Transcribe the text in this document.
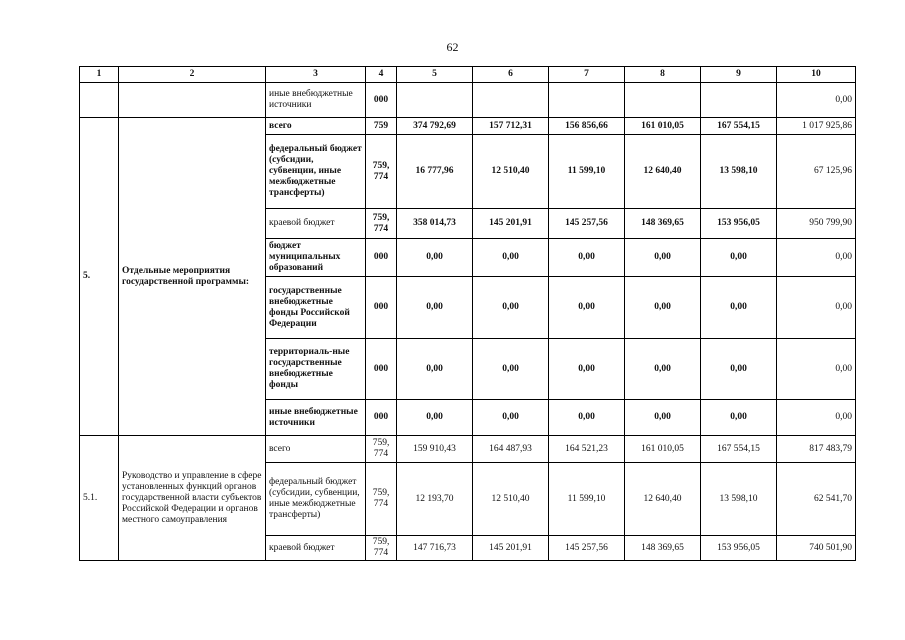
62
1	2	3	4	5	6	7	8	9	10
		иные внебюджетные источники	000						0,00
5.	Отдельные мероприятия государственной программы:	всего	759	374 792,69	157 712,31	156 856,66	161 010,05	167 554,15	1 017 925,86
		федеральный бюджет (субсидии, субвенции, иные межбюджетные трансферты)	759, 774	16 777,96	12 510,40	11 599,10	12 640,40	13 598,10	67 125,96
		краевой бюджет	759, 774	358 014,73	145 201,91	145 257,56	148 369,65	153 956,05	950 799,90
		бюджет муниципальных образований	000	0,00	0,00	0,00	0,00	0,00	0,00
		государственные внебюджетные фонды Российской Федерации	000	0,00	0,00	0,00	0,00	0,00	0,00
		территориаль-ные государственные внебюджетные фонды	000	0,00	0,00	0,00	0,00	0,00	0,00
		иные внебюджетные источники	000	0,00	0,00	0,00	0,00	0,00	0,00
5.1.	Руководство и управление в сфере установленных функций органов государственной власти субъектов Российской Федерации и органов местного самоуправления	всего	759, 774	159 910,43	164 487,93	164 521,23	161 010,05	167 554,15	817 483,79
		федеральный бюджет (субсидии, субвенции, иные межбюджетные трансферты)	759, 774	12 193,70	12 510,40	11 599,10	12 640,40	13 598,10	62 541,70
		краевой бюджет	759, 774	147 716,73	145 201,91	145 257,56	148 369,65	153 956,05	740 501,90
